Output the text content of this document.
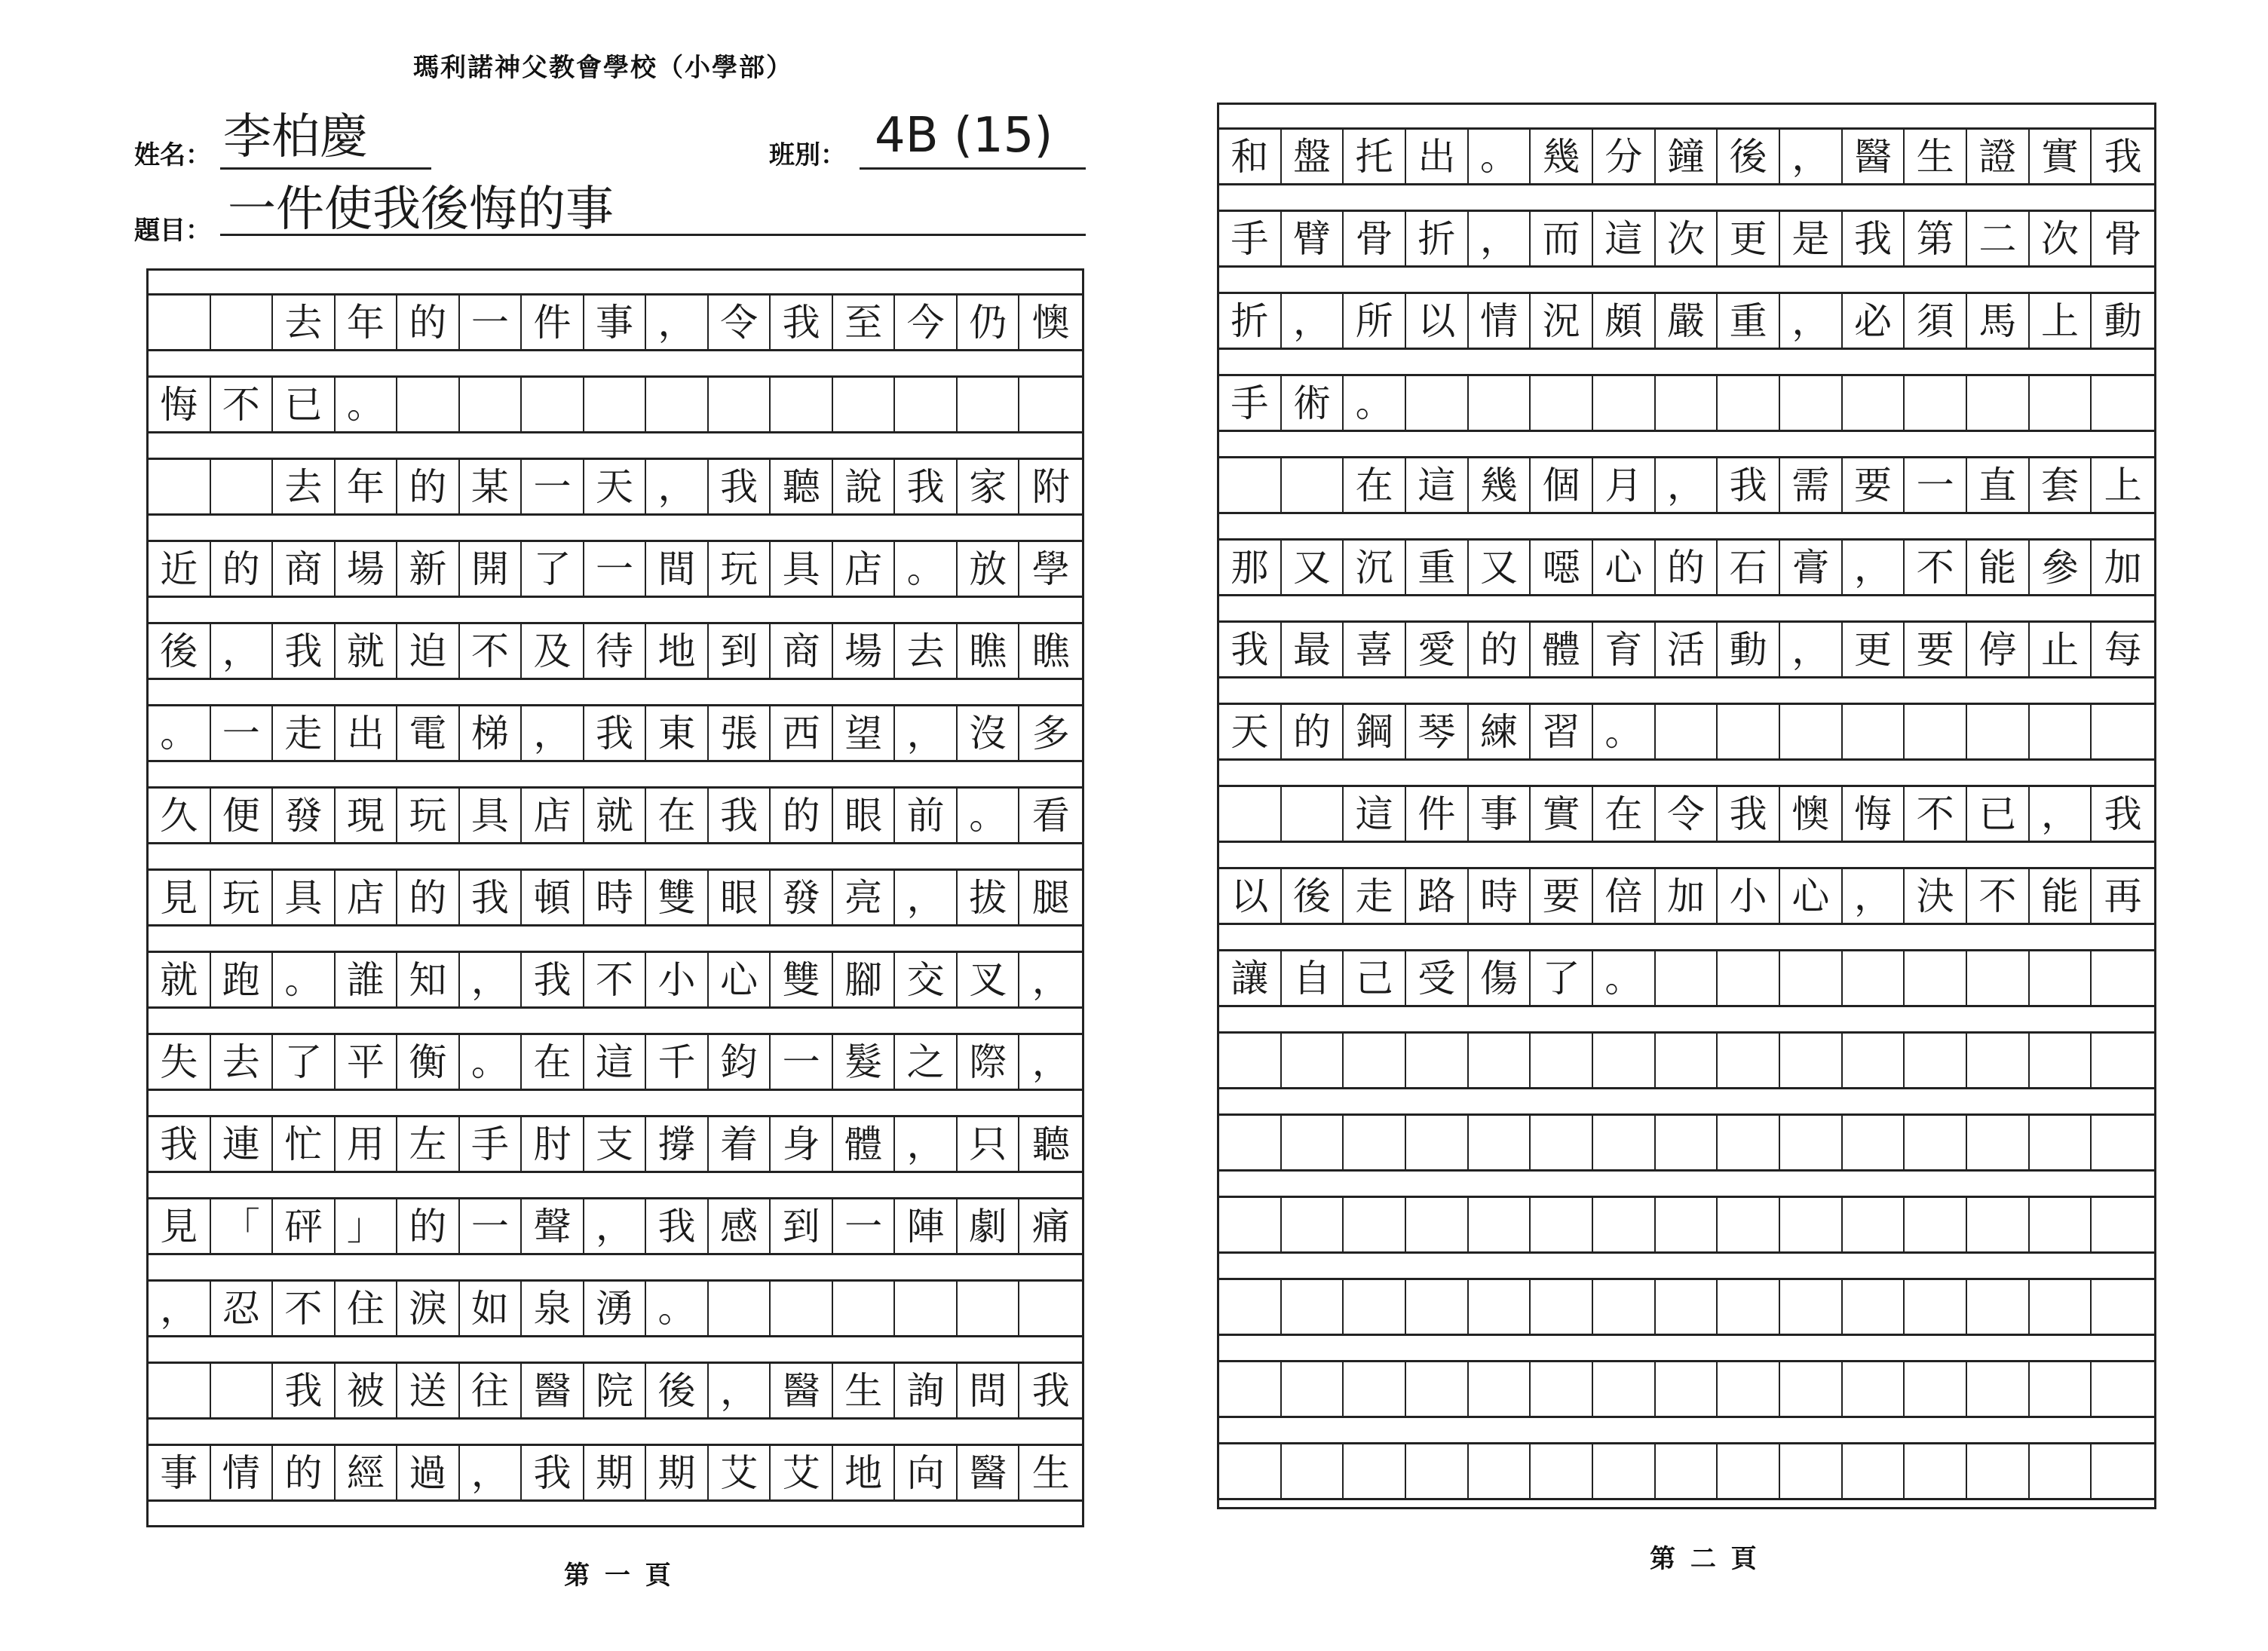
瑪利諾神父教會學校（小學部）
姓名： 李柏慶	班別： 4B (15)
題目： 一件使我後悔的事
去 年 的 一 件 事 ， 令 我 至 今 仍 懊
悔 不 已 。
去 年 的 某 一 天 ， 我 聽 說 我 家 附
近 的 商 場 新 開 了 一 間 玩 具 店 。 放 學
後 ， 我 就 迫 不 及 待 地 到 商 場 去 瞧 瞧
。 一 走 出 電 梯 ， 我 東 張 西 望 ， 沒 多
久 便 發 現 玩 具 店 就 在 我 的 眼 前 。 看
見 玩 具 店 的 我 頓 時 雙 眼 發 亮 ， 拔 腿
就 跑 。 誰 知 ， 我 不 小 心 雙 腳 交 叉 ，
失 去 了 平 衡 。 在 這 千 鈞 一 髮 之 際 ，
我 連 忙 用 左 手 肘 支 撐 着 身 體 ， 只 聽
見 「 砰 」 的 一 聲 ， 我 感 到 一 陣 劇 痛
， 忍 不 住 淚 如 泉 湧 。
我 被 送 往 醫 院 後 ， 醫 生 詢 問 我
事 情 的 經 過 ， 我 期 期 艾 艾 地 向 醫 生
第 一 頁
和 盤 托 出 。 幾 分 鐘 後 ， 醫 生 證 實 我
手 臂 骨 折 ， 而 這 次 更 是 我 第 二 次 骨
折 ， 所 以 情 況 頗 嚴 重 ， 必 須 馬 上 動
手 術 。
在 這 幾 個 月 ， 我 需 要 一 直 套 上
那 又 沉 重 又 噁 心 的 石 膏 ， 不 能 參 加
我 最 喜 愛 的 體 育 活 動 ， 更 要 停 止 每
天 的 鋼 琴 練 習 。
這 件 事 實 在 令 我 懊 悔 不 已 ， 我
以 後 走 路 時 要 倍 加 小 心 ， 決 不 能 再
讓 自 己 受 傷 了 。
第 二 頁
